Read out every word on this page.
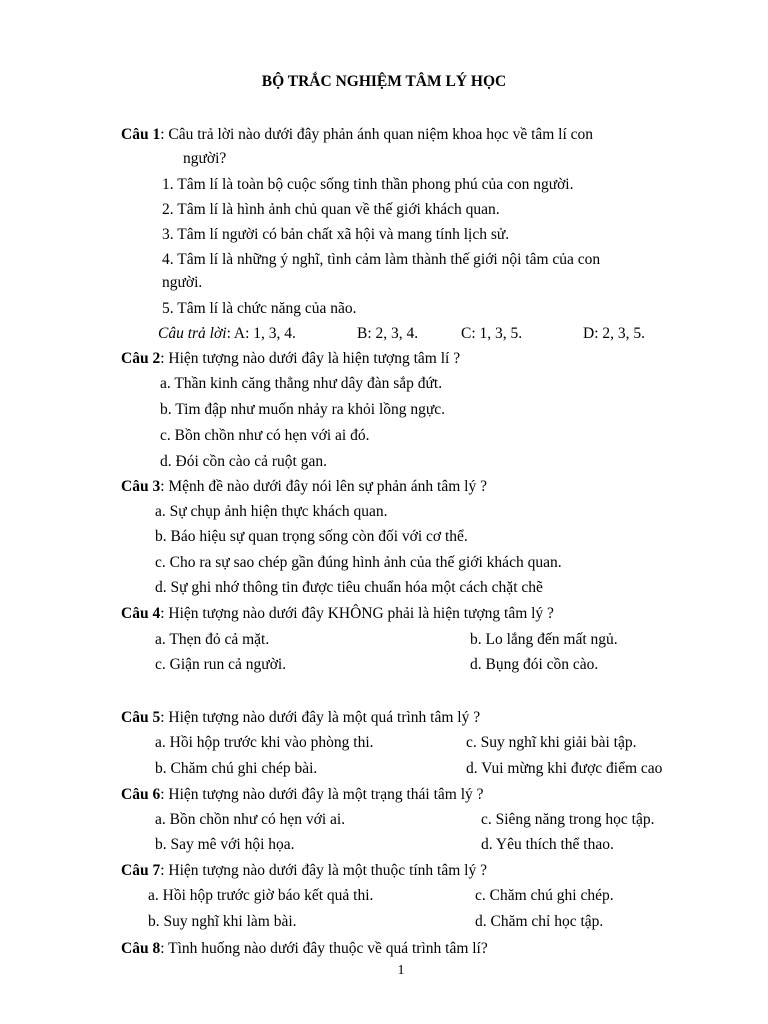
BỘ TRẮC NGHIỆM TÂM LÝ HỌC
Câu 1: Câu trả lời nào dưới đây phản ánh quan niệm khoa học về tâm lí con
người?
1. Tâm lí là toàn bộ cuộc sống tinh thần phong phú của con người.
2. Tâm lí là hình ảnh chủ quan về thế giới khách quan.
3. Tâm lí người có bản chất xã hội và mang tính lịch sử.
4. Tâm lí là những ý nghĩ, tình cảm làm thành thế giới nội tâm của con
người.
5. Tâm lí là chức năng của não.
Câu trả lời: A: 1, 3, 4.	B: 2, 3, 4.	C: 1, 3, 5.	D: 2, 3, 5.
Câu 2: Hiện tượng nào dưới đây là hiện tượng tâm lí ?
a. Thần kinh căng thẳng như dây đàn sắp đứt.
b. Tim đập như muốn nhảy ra khỏi lồng ngực.
c. Bồn chồn như có hẹn với ai đó.
d. Đói cồn cào cả ruột gan.
Câu 3: Mệnh đề nào dưới đây nói lên sự phản ánh tâm lý ?
a. Sự chụp ảnh hiện thực khách quan.
b. Báo hiệu sự quan trọng sống còn đối với cơ thể.
c. Cho ra sự sao chép gần đúng hình ảnh của thế giới khách quan.
d. Sự ghi nhớ thông tin được tiêu chuẩn hóa một cách chặt chẽ
Câu 4: Hiện tượng nào dưới đây KHÔNG phải là hiện tượng tâm lý ?
a. Thẹn đỏ cả mặt.	b. Lo lắng đến mất ngủ.
c. Giận run cả người.	d. Bụng đói cồn cào.
Câu 5: Hiện tượng nào dưới đây là một quá trình tâm lý ?
a. Hồi hộp trước khi vào phòng thi.	c. Suy nghĩ khi giải bài tập.
b. Chăm chú ghi chép bài.	d. Vui mừng khi được điểm cao
Câu 6: Hiện tượng nào dưới đây là một trạng thái tâm lý ?
a. Bồn chồn như có hẹn với ai.	c. Siêng năng trong học tập.
b. Say mê với hội họa.	d. Yêu thích thể thao.
Câu 7: Hiện tượng nào dưới đây là một thuộc tính tâm lý ?
a. Hồi hộp trước giờ báo kết quả thi.	c. Chăm chú ghi chép.
b. Suy nghĩ khi làm bài.	d. Chăm chỉ học tập.
Câu 8: Tình huống nào dưới đây thuộc về quá trình tâm lí?
1
